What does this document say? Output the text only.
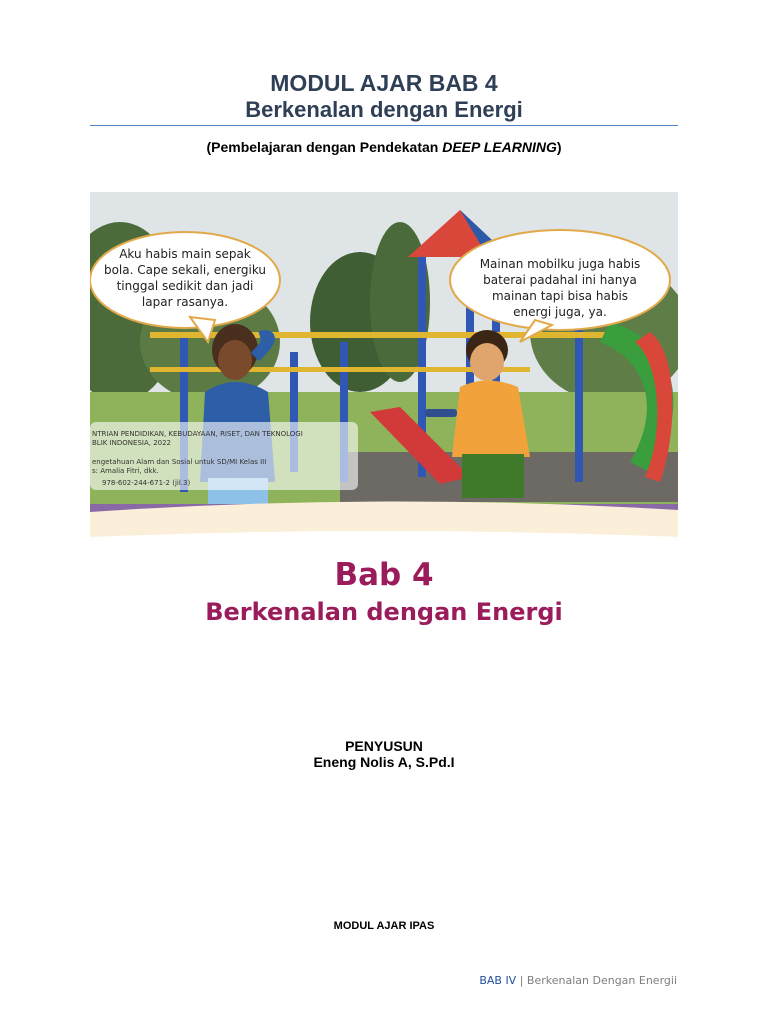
MODUL AJAR BAB 4
Berkenalan dengan Energi
(Pembelajaran dengan Pendekatan DEEP LEARNING)
Aku habis main sepak
bola. Cape sekali, energiku
tinggal sedikit dan jadi
lapar rasanya.
Mainan mobilku juga habis
baterai padahal ini hanya
mainan tapi bisa habis
energi juga, ya.
NTRIAN PENDIDIKAN, KEBUDAYAAN, RISET, DAN TEKNOLOGI
BLIK INDONESIA, 2022
engetahuan Alam dan Sosial untuk SD/MI Kelas III
s: Amalia Fitri, dkk.
978-602-244-671-2 (jil.3)
Bab 4
Berkenalan dengan Energi
PENYUSUN
Eneng Nolis A, S.Pd.I
MODUL AJAR IPAS
BAB IV | Berkenalan Dengan Energii
